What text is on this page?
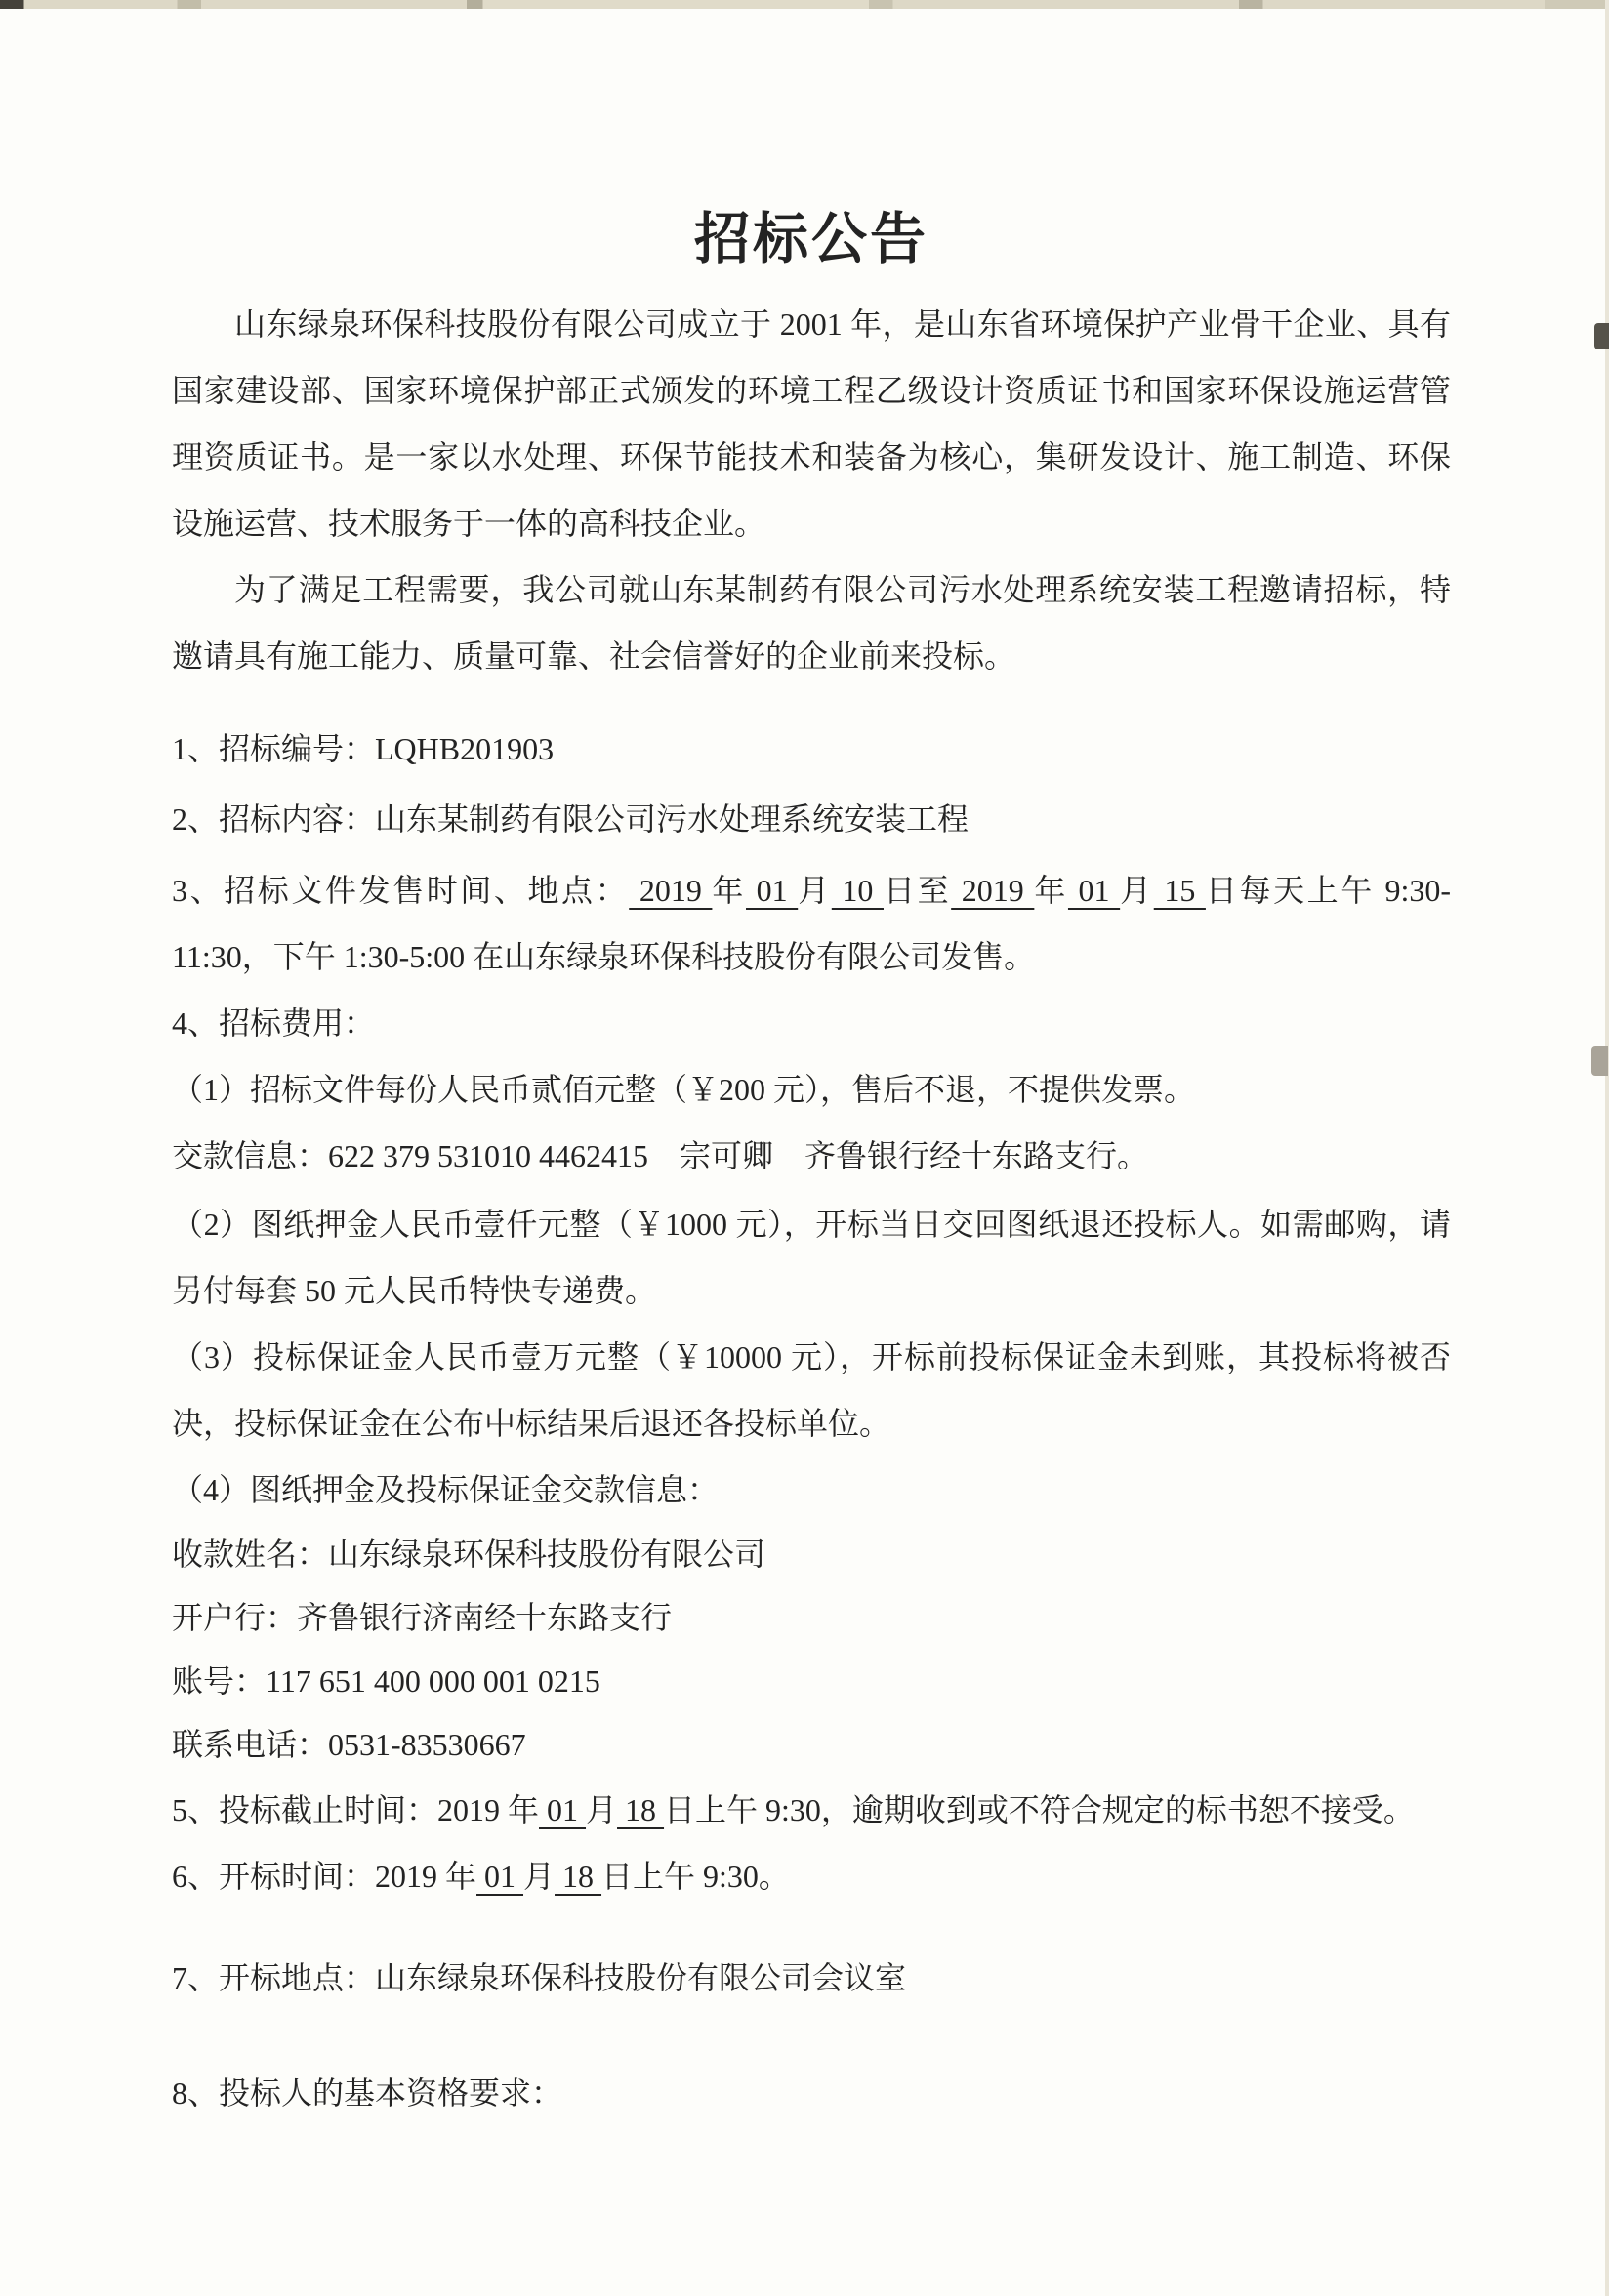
招标公告

山东绿泉环保科技股份有限公司成立于 2001 年，是山东省环境保护产业骨干企业、具有国家建设部、国家环境保护部正式颁发的环境工程乙级设计资质证书和国家环保设施运营管理资质证书。是一家以水处理、环保节能技术和装备为核心，集研发设计、施工制造、环保设施运营、技术服务于一体的高科技企业。

为了满足工程需要，我公司就山东某制药有限公司污水处理系统安装工程邀请招标，特邀请具有施工能力、质量可靠、社会信誉好的企业前来投标。

1、招标编号：LQHB201903

2、招标内容：山东某制药有限公司污水处理系统安装工程

3、招标文件发售时间、地点： 2019 年 01 月 10 日至 2019 年 01 月 15 日每天上午 9:30-11:30，下午 1:30-5:00 在山东绿泉环保科技股份有限公司发售。

4、招标费用：

（1）招标文件每份人民币贰佰元整（￥200 元），售后不退，不提供发票。

交款信息：622 379 531010 4462415　宗可卿　齐鲁银行经十东路支行。

（2）图纸押金人民币壹仟元整（￥1000 元），开标当日交回图纸退还投标人。如需邮购，请另付每套 50 元人民币特快专递费。

（3）投标保证金人民币壹万元整（￥10000 元），开标前投标保证金未到账，其投标将被否决，投标保证金在公布中标结果后退还各投标单位。

（4）图纸押金及投标保证金交款信息：

收款姓名：山东绿泉环保科技股份有限公司

开户行：齐鲁银行济南经十东路支行

账号：117 651 400 000 001 0215

联系电话：0531-83530667

5、投标截止时间：2019 年 01 月 18 日上午 9:30，逾期收到或不符合规定的标书恕不接受。

6、开标时间：2019 年 01 月 18 日上午 9:30。

7、开标地点：山东绿泉环保科技股份有限公司会议室

8、投标人的基本资格要求：
